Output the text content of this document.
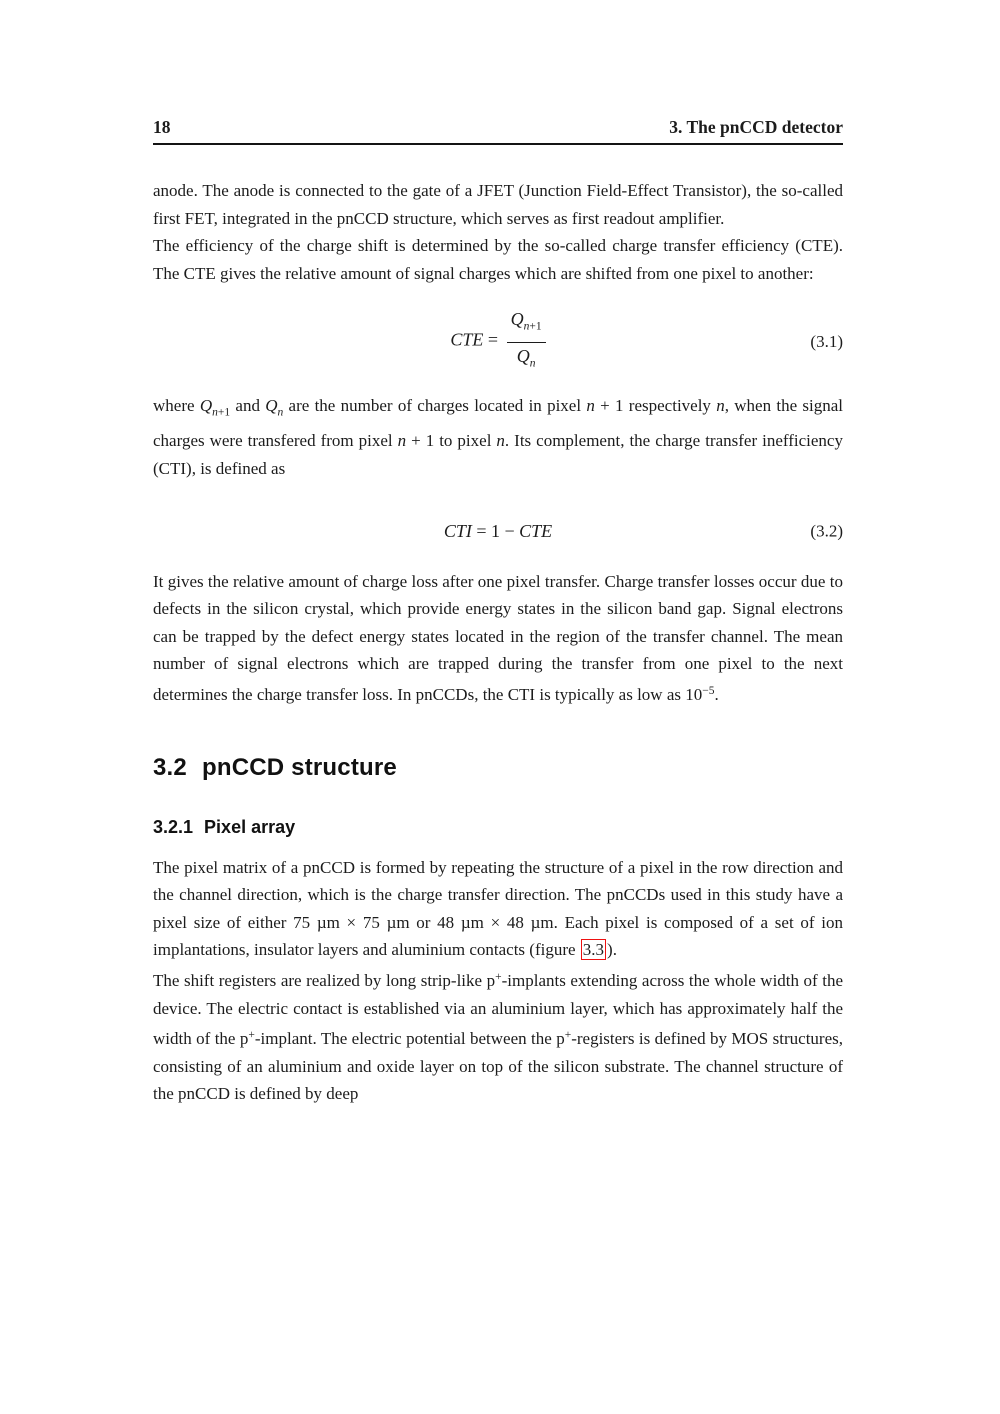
18	3. The pnCCD detector

anode. The anode is connected to the gate of a JFET (Junction Field-Effect Transistor), the so-called first FET, integrated in the pnCCD structure, which serves as first readout amplifier.

The efficiency of the charge shift is determined by the so-called charge transfer efficiency (CTE). The CTE gives the relative amount of signal charges which are shifted from one pixel to another:

CTE = $\frac{Q_{n+1}}{Q_n}$	(3.1)

where $Q_{n+1}$ and $Q_n$ are the number of charges located in pixel n + 1 respectively n, when the signal charges were transfered from pixel n + 1 to pixel n. Its complement, the charge transfer inefficiency (CTI), is defined as

CTI = 1 − CTE	(3.2)

It gives the relative amount of charge loss after one pixel transfer. Charge transfer losses occur due to defects in the silicon crystal, which provide energy states in the silicon band gap. Signal electrons can be trapped by the defect energy states located in the region of the transfer channel. The mean number of signal electrons which are trapped during the transfer from one pixel to the next determines the charge transfer loss. In pnCCDs, the CTI is typically as low as $10^{-5}$.

3.2 pnCCD structure
3.2.1 Pixel array

The pixel matrix of a pnCCD is formed by repeating the structure of a pixel in the row direction and the channel direction, which is the charge transfer direction. The pnCCDs used in this study have a pixel size of either 75 µm × 75 µm or 48 µm × 48 µm. Each pixel is composed of a set of ion implantations, insulator layers and aluminium contacts (figure 3.3 ).

The shift registers are realized by long strip-like p+-implants extending across the whole width of the device. The electric contact is established via an aluminium layer, which has approximately half the width of the p+-implant. The electric potential between the p+-registers is defined by MOS structures, consisting of an aluminium and oxide layer on top of the silicon substrate. The channel structure of the pnCCD is defined by deep
